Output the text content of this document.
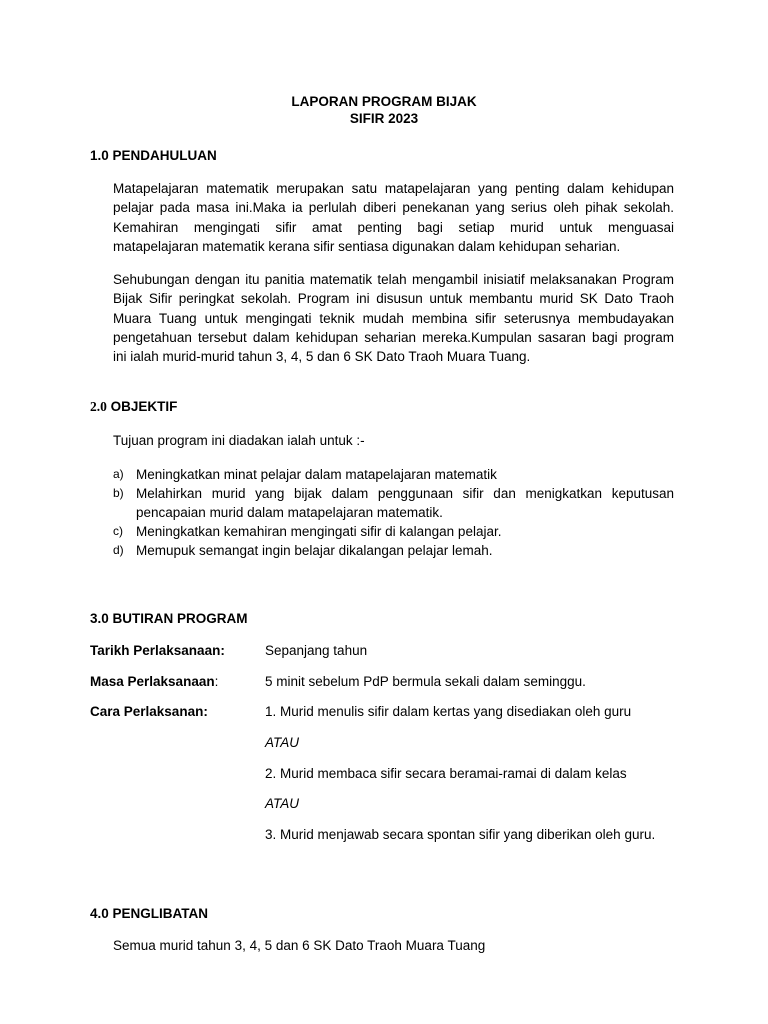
LAPORAN PROGRAM BIJAK
SIFIR 2023
1.0 PENDAHULUAN
Matapelajaran matematik merupakan satu matapelajaran yang penting dalam kehidupan
pelajar pada masa ini.Maka ia perlulah diberi penekanan yang serius oleh pihak sekolah.
Kemahiran mengingati sifir amat penting bagi setiap murid untuk menguasai
matapelajaran matematik kerana sifir sentiasa digunakan dalam kehidupan seharian.
Sehubungan dengan itu panitia matematik telah mengambil inisiatif melaksanakan Program
Bijak Sifir peringkat sekolah. Program ini disusun untuk membantu murid SK Dato Traoh
Muara Tuang untuk mengingati teknik mudah membina sifir seterusnya membudayakan
pengetahuan tersebut dalam kehidupan seharian mereka.Kumpulan sasaran bagi program
ini ialah murid-murid tahun 3, 4, 5 dan 6 SK Dato Traoh Muara Tuang.
2.0 OBJEKTIF
Tujuan program ini diadakan ialah untuk :-
a) Meningkatkan minat pelajar dalam matapelajaran matematik
b) Melahirkan murid yang bijak dalam penggunaan sifir dan menigkatkan keputusan
pencapaian murid dalam matapelajaran matematik.
c) Meningkatkan kemahiran mengingati sifir di kalangan pelajar.
d) Memupuk semangat ingin belajar dikalangan pelajar lemah.
3.0 BUTIRAN PROGRAM
Tarikh Perlaksanaan:	Sepanjang tahun
Masa Perlaksanaan:	5 minit sebelum PdP bermula sekali dalam seminggu.
Cara Perlaksanan:	1. Murid menulis sifir dalam kertas yang disediakan oleh guru
ATAU
2. Murid membaca sifir secara beramai-ramai di dalam kelas
ATAU
3. Murid menjawab secara spontan sifir yang diberikan oleh guru.
4.0 PENGLIBATAN
Semua murid tahun 3, 4, 5 dan 6 SK Dato Traoh Muara Tuang
